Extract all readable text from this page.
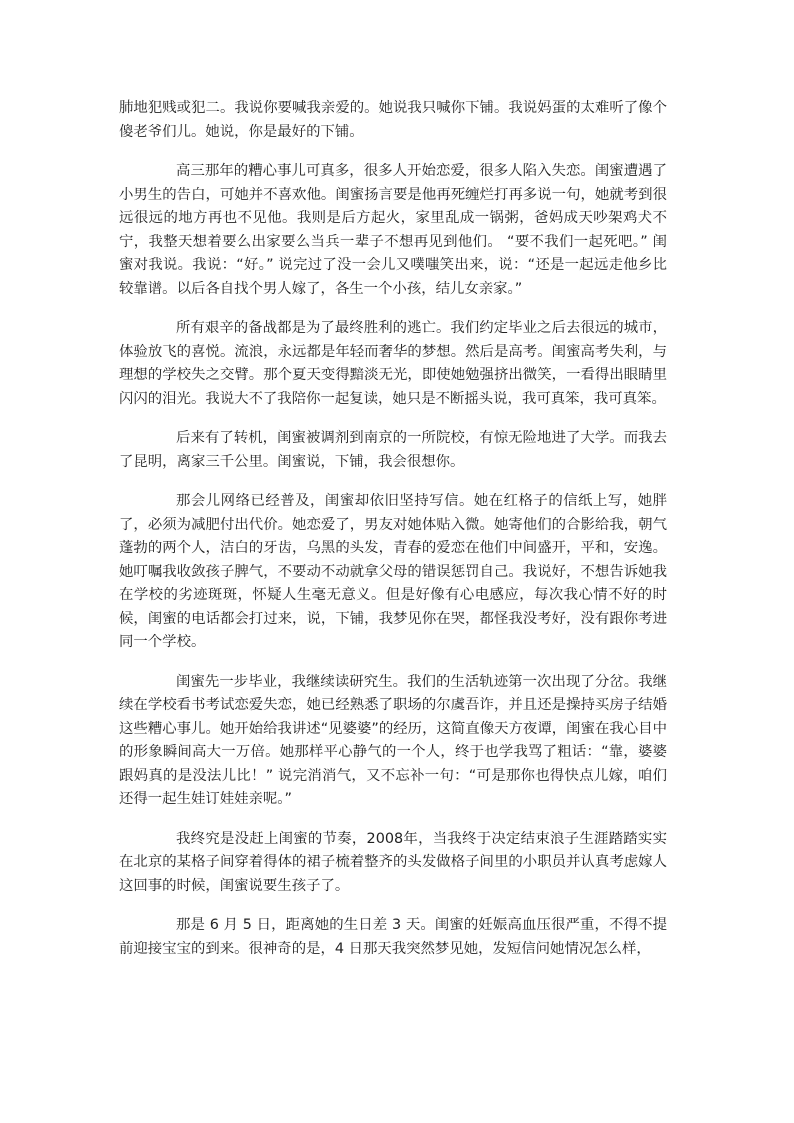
肺地犯贱或犯二。我说你要喊我亲爱的。她说我只喊你下铺。我说妈蛋的太难听了像个傻老爷们儿。她说，你是最好的下铺。

高三那年的糟心事儿可真多，很多人开始恋爱，很多人陷入失恋。闺蜜遭遇了小男生的告白，可她并不喜欢他。闺蜜扬言要是他再死缠烂打再多说一句，她就考到很远很远的地方再也不见他。我则是后方起火，家里乱成一锅粥，爸妈成天吵架鸡犬不宁，我整天想着要么出家要么当兵一辈子不想再见到他们。 “要不我们一起死吧。” 闺蜜对我说。我说：“好。” 说完过了没一会儿又噗嗤笑出来，说：“还是一起远走他乡比较靠谱。以后各自找个男人嫁了，各生一个小孩，结儿女亲家。”

所有艰辛的备战都是为了最终胜利的逃亡。我们约定毕业之后去很远的城市，体验放飞的喜悦。流浪，永远都是年轻而奢华的梦想。然后是高考。闺蜜高考失利，与理想的学校失之交臂。那个夏天变得黯淡无光，即使她勉强挤出微笑，一看得出眼睛里闪闪的泪光。我说大不了我陪你一起复读，她只是不断摇头说，我可真笨，我可真笨。

后来有了转机，闺蜜被调剂到南京的一所院校，有惊无险地进了大学。而我去了昆明，离家三千公里。闺蜜说，下铺，我会很想你。

那会儿网络已经普及，闺蜜却依旧坚持写信。她在红格子的信纸上写，她胖了，必须为减肥付出代价。她恋爱了，男友对她体贴入微。她寄他们的合影给我，朝气蓬勃的两个人，洁白的牙齿，乌黑的头发，青春的爱恋在他们中间盛开，平和，安逸。她叮嘱我收敛孩子脾气，不要动不动就拿父母的错误惩罚自己。我说好，不想告诉她我在学校的劣迹斑斑，怀疑人生毫无意义。但是好像有心电感应，每次我心情不好的时候，闺蜜的电话都会打过来，说，下铺，我梦见你在哭，都怪我没考好，没有跟你考进同一个学校。

闺蜜先一步毕业，我继续读研究生。我们的生活轨迹第一次出现了分岔。我继续在学校看书考试恋爱失恋，她已经熟悉了职场的尔虞吾诈，并且还是操持买房子结婚这些糟心事儿。她开始给我讲述“见婆婆”的经历，这简直像天方夜谭，闺蜜在我心目中的形象瞬间高大一万倍。她那样平心静气的一个人，终于也学我骂了粗话：“靠，婆婆跟妈真的是没法儿比！” 说完消消气，又不忘补一句：“可是那你也得快点儿嫁，咱们还得一起生娃订娃娃亲呢。”

我终究是没赶上闺蜜的节奏，2008年，当我终于决定结束浪子生涯踏踏实实在北京的某格子间穿着得体的裙子梳着整齐的头发做格子间里的小职员并认真考虑嫁人这回事的时候，闺蜜说要生孩子了。

那是 6 月 5 日，距离她的生日差 3 天。闺蜜的妊娠高血压很严重，不得不提前迎接宝宝的到来。很神奇的是，4 日那天我突然梦见她，发短信问她情况怎么样，
